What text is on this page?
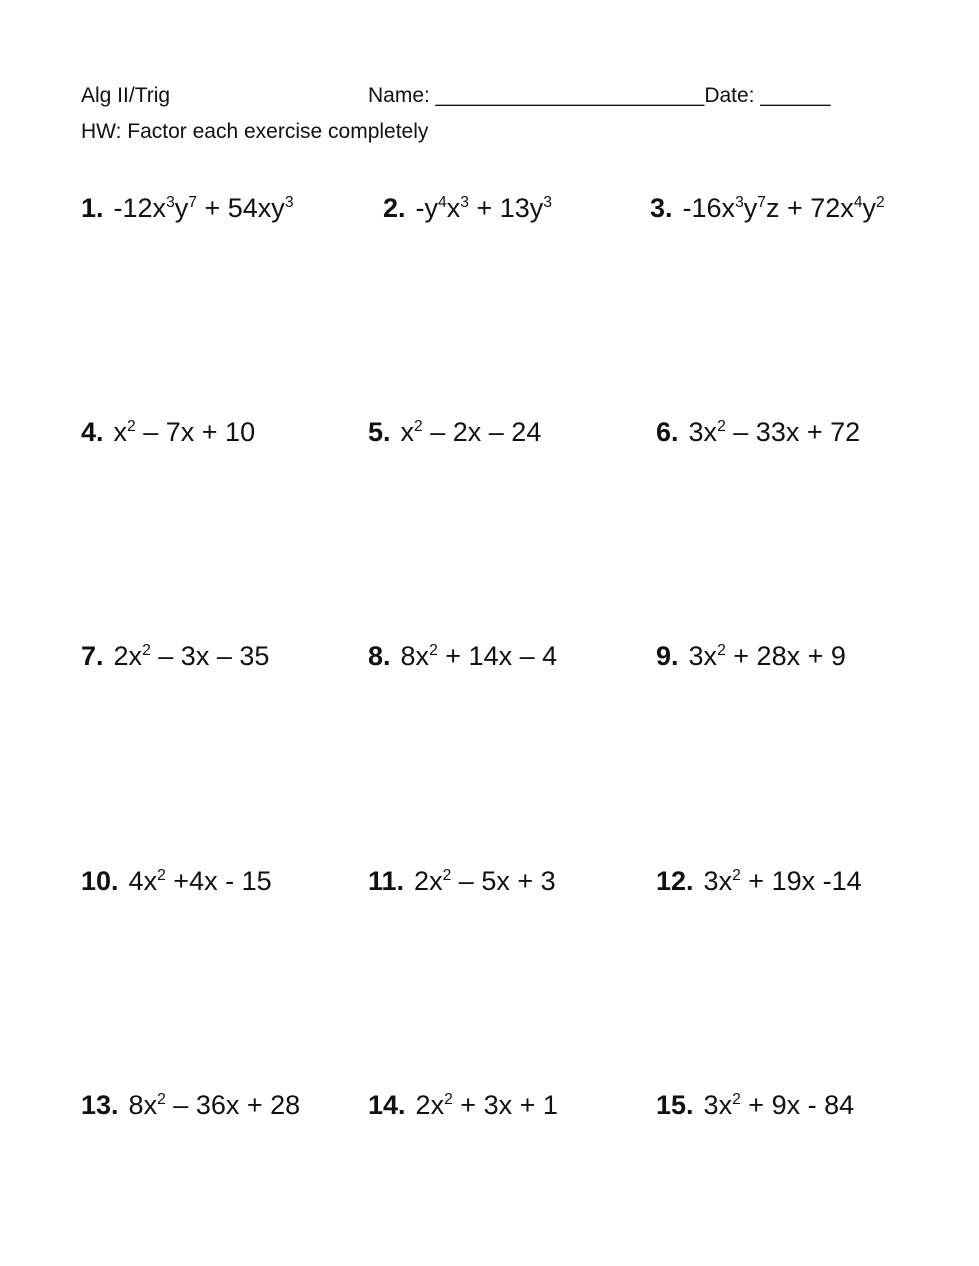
Alg II/Trig	Name: _______________________Date: ______
HW: Factor each exercise completely
1. $-12x^3y^7 + 54xy^3$	2. $-y^4x^3 + 13y^3$	3. $-16x^3y^7z + 72x^4y^2$
4. $x^2 - 7x + 10$	5. $x^2 - 2x - 24$	6. $3x^2 - 33x + 72$
7. $2x^2 - 3x - 35$	8. $8x^2 + 14x - 4$	9. $3x^2 + 28x + 9$
10. $4x^2 +4x - 15$	11. $2x^2 - 5x + 3$	12. $3x^2 + 19x$ -14
13. $8x^2 - 36x + 28$	14. $2x^2 + 3x + 1$	15. $3x^2 + 9x - 84$
